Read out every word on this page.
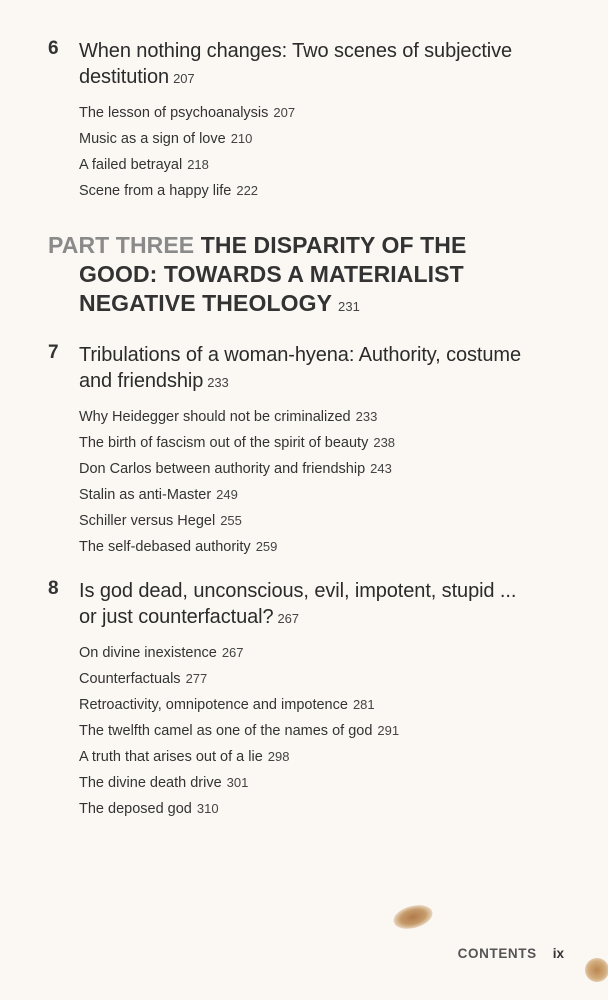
6 When nothing changes: Two scenes of subjective
destitution 207
The lesson of psychoanalysis 207
Music as a sign of love 210
A failed betrayal 218
Scene from a happy life 222
PART THREE THE DISPARITY OF THE
GOOD: TOWARDS A MATERIALIST
NEGATIVE THEOLOGY 231
7 Tribulations of a woman-hyena: Authority, costume
and friendship 233
Why Heidegger should not be criminalized 233
The birth of fascism out of the spirit of beauty 238
Don Carlos between authority and friendship 243
Stalin as anti-Master 249
Schiller versus Hegel 255
The self-debased authority 259
8 Is god dead, unconscious, evil, impotent, stupid ...
or just counterfactual? 267
On divine inexistence 267
Counterfactuals 277
Retroactivity, omnipotence and impotence 281
The twelfth camel as one of the names of god 291
A truth that arises out of a lie 298
The divine death drive 301
The deposed god 310
CONTENTS ix
